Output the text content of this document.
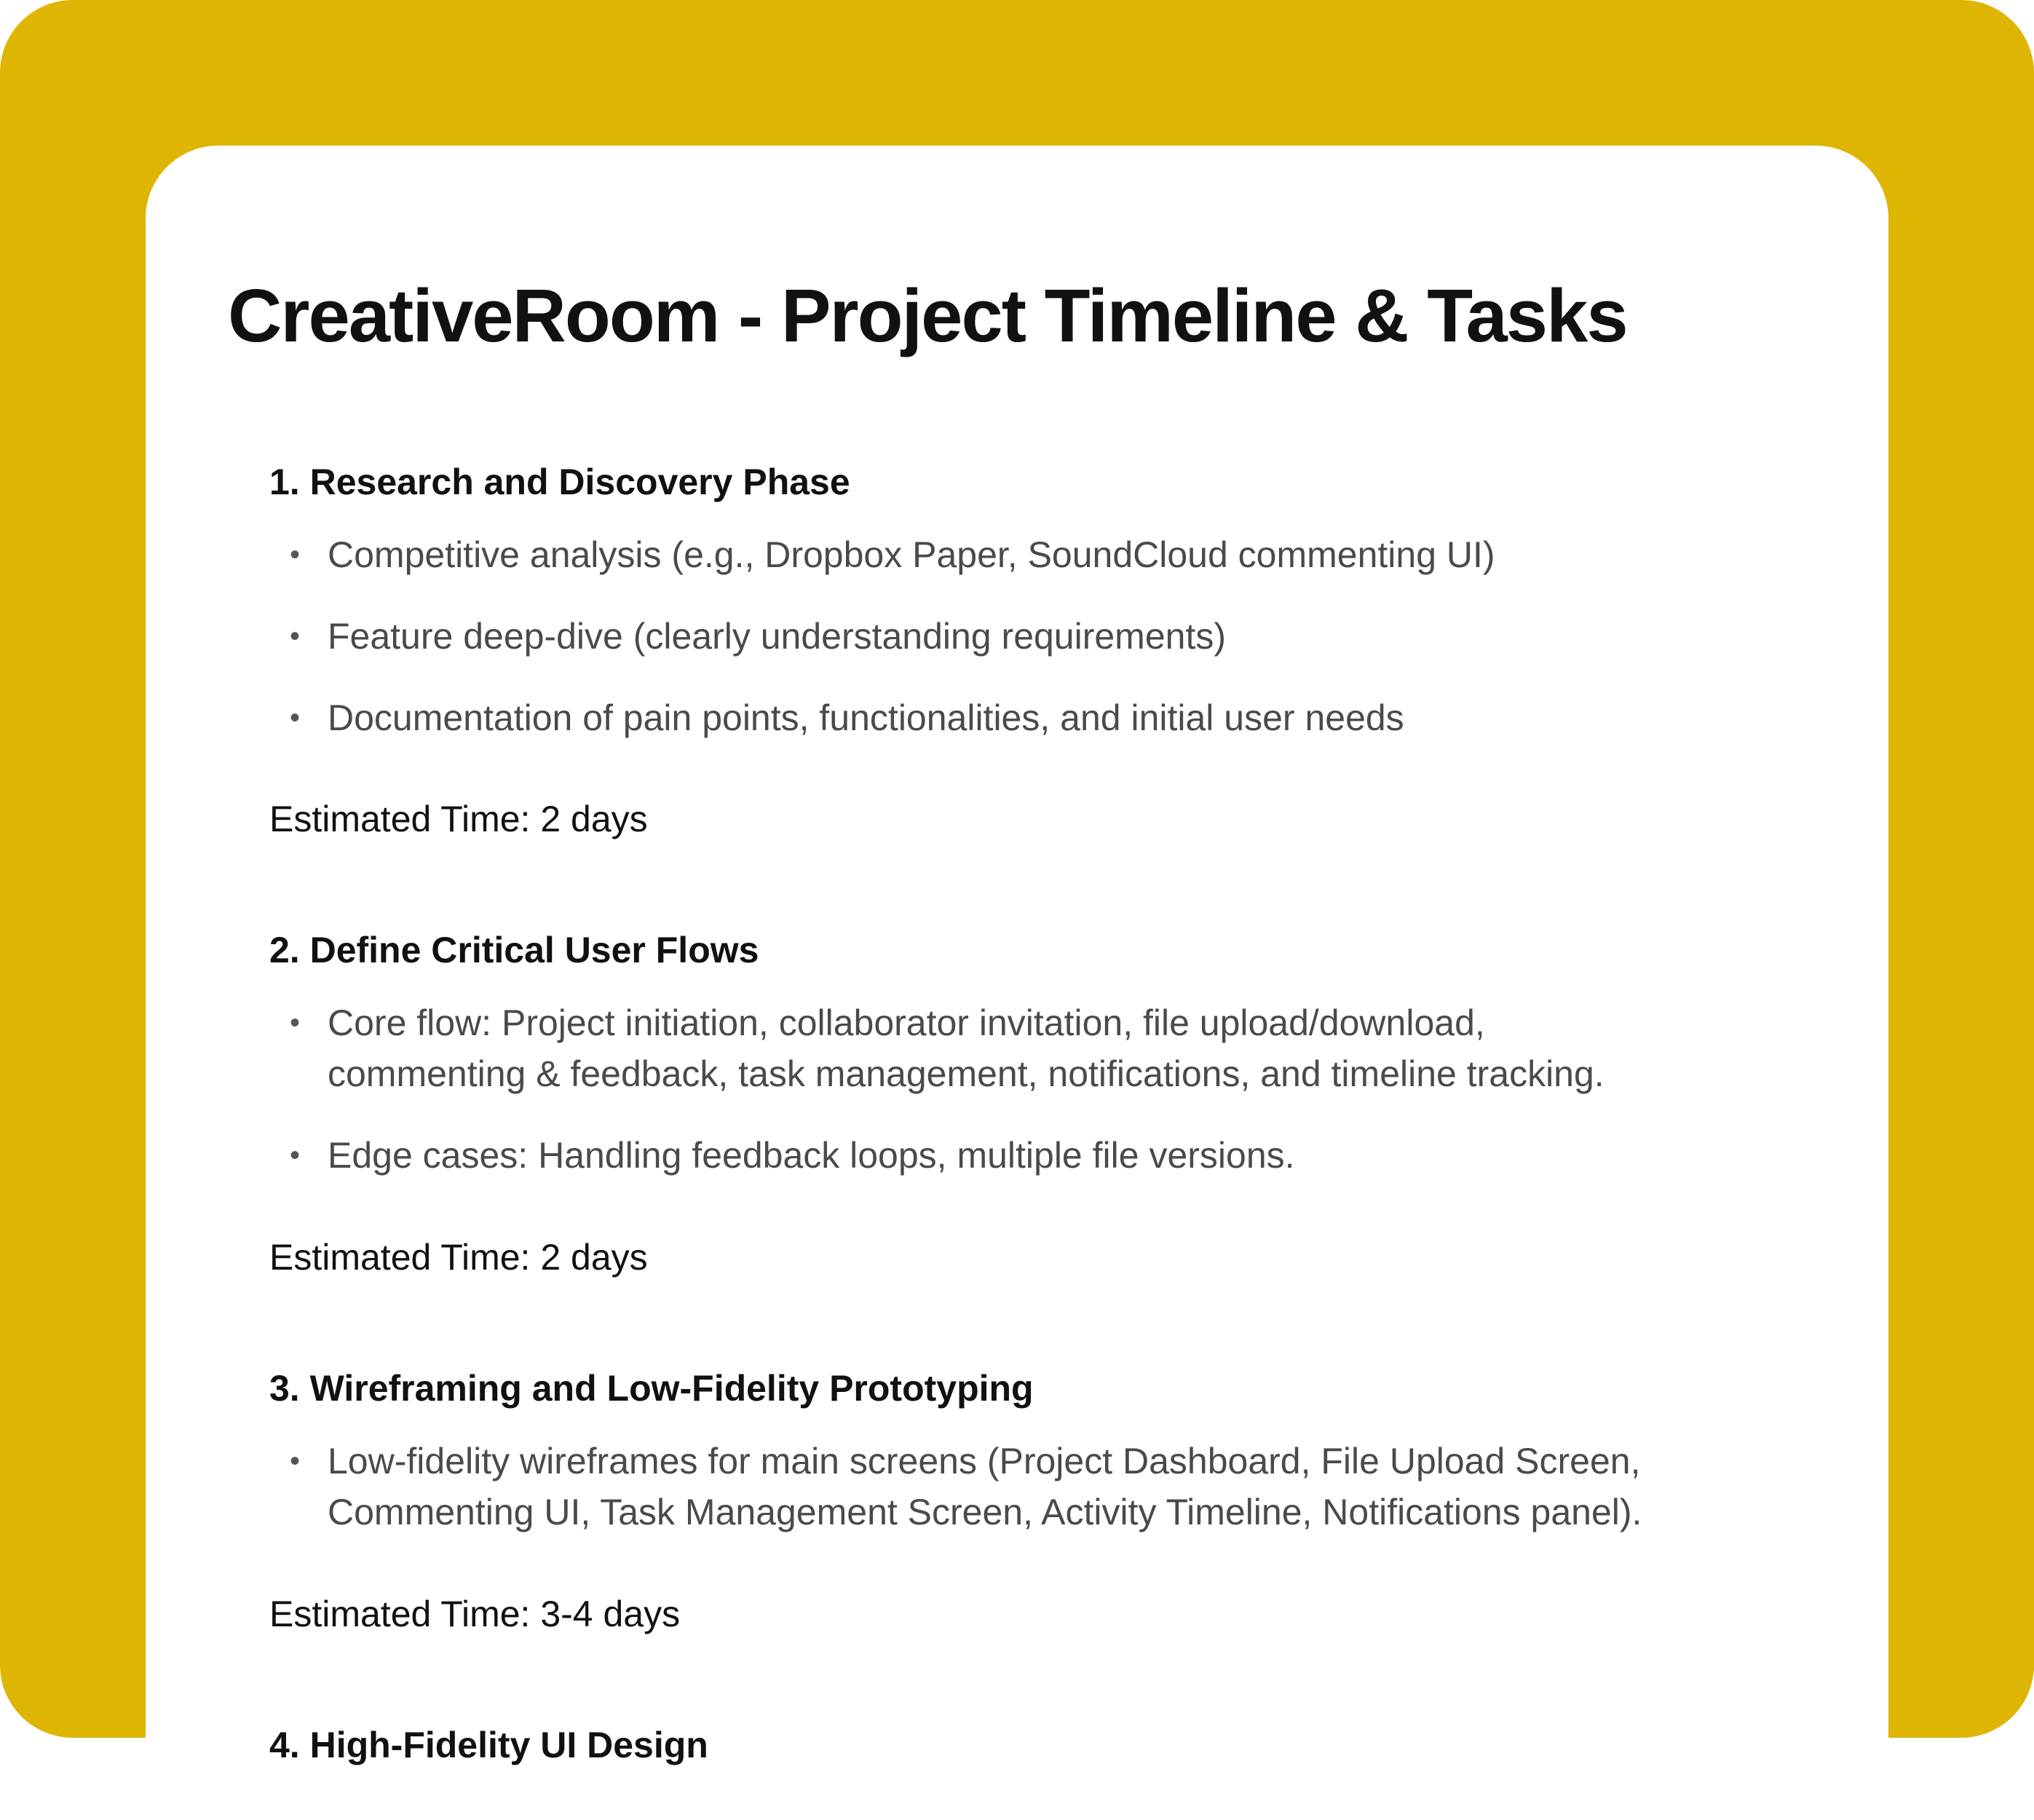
CreativeRoom - Project Timeline & Tasks
1. Research and Discovery Phase
• Competitive analysis (e.g., Dropbox Paper, SoundCloud commenting UI)
• Feature deep-dive (clearly understanding requirements)
• Documentation of pain points, functionalities, and initial user needs

Estimated Time: 2 days

2. Define Critical User Flows
• Core flow: Project initiation, collaborator invitation, file upload/download,
commenting & feedback, task management, notifications, and timeline tracking.
• Edge cases: Handling feedback loops, multiple file versions.

Estimated Time: 2 days

3. Wireframing and Low-Fidelity Prototyping
• Low-fidelity wireframes for main screens (Project Dashboard, File Upload Screen,
Commenting UI, Task Management Screen, Activity Timeline, Notifications panel).

Estimated Time: 3-4 days

4. High-Fidelity UI Design
